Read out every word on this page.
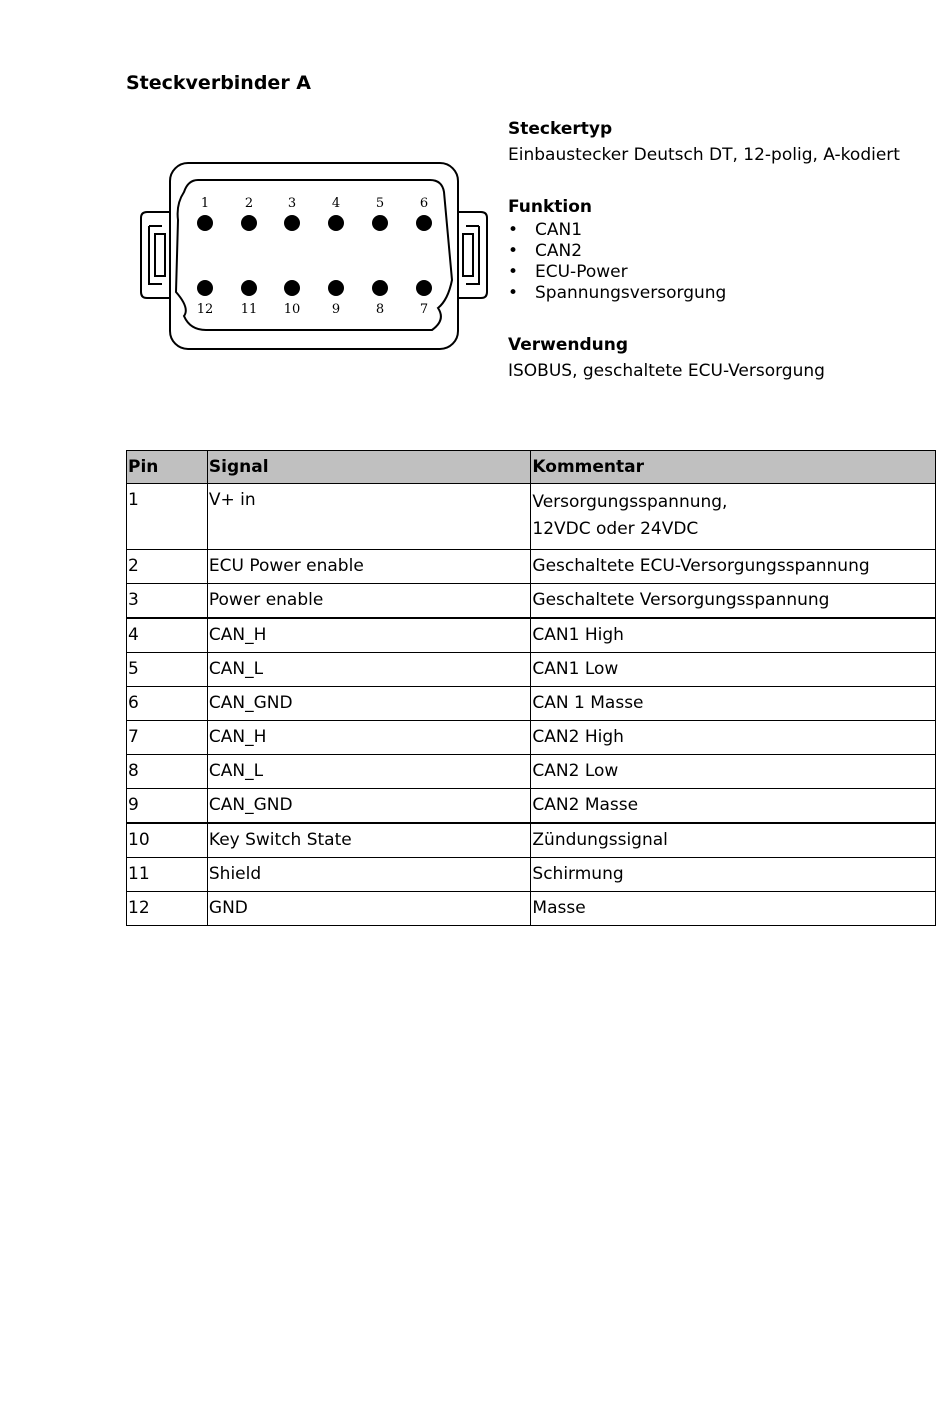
Steckverbinder A
1	2	3	4	5	6
12 11 10 9	8	7

Steckertyp

Einbaustecker Deutsch DT, 12-polig, A-kodiert

Funktion

• CAN1
• CAN2
• ECU-Power
• Spannungsversorgung

Verwendung

ISOBUS, geschaltete ECU-Versorgung

Pin	Signal	Kommentar
1	V+ in	Versorgungsspannung,
12VDC oder 24VDC

2	ECU Power enable	Geschaltete ECU-Versorgungsspannung
3	Power enable	Geschaltete Versorgungsspannung
4	CAN_H	CAN1 High
5	CAN_L	CAN1 Low
6	CAN_GND	CAN 1 Masse
7	CAN_H	CAN2 High
8	CAN_L	CAN2 Low
9	CAN_GND	CAN2 Masse
10	Key Switch State	Zündungssignal
11	Shield	Schirmung
12	GND	Masse
